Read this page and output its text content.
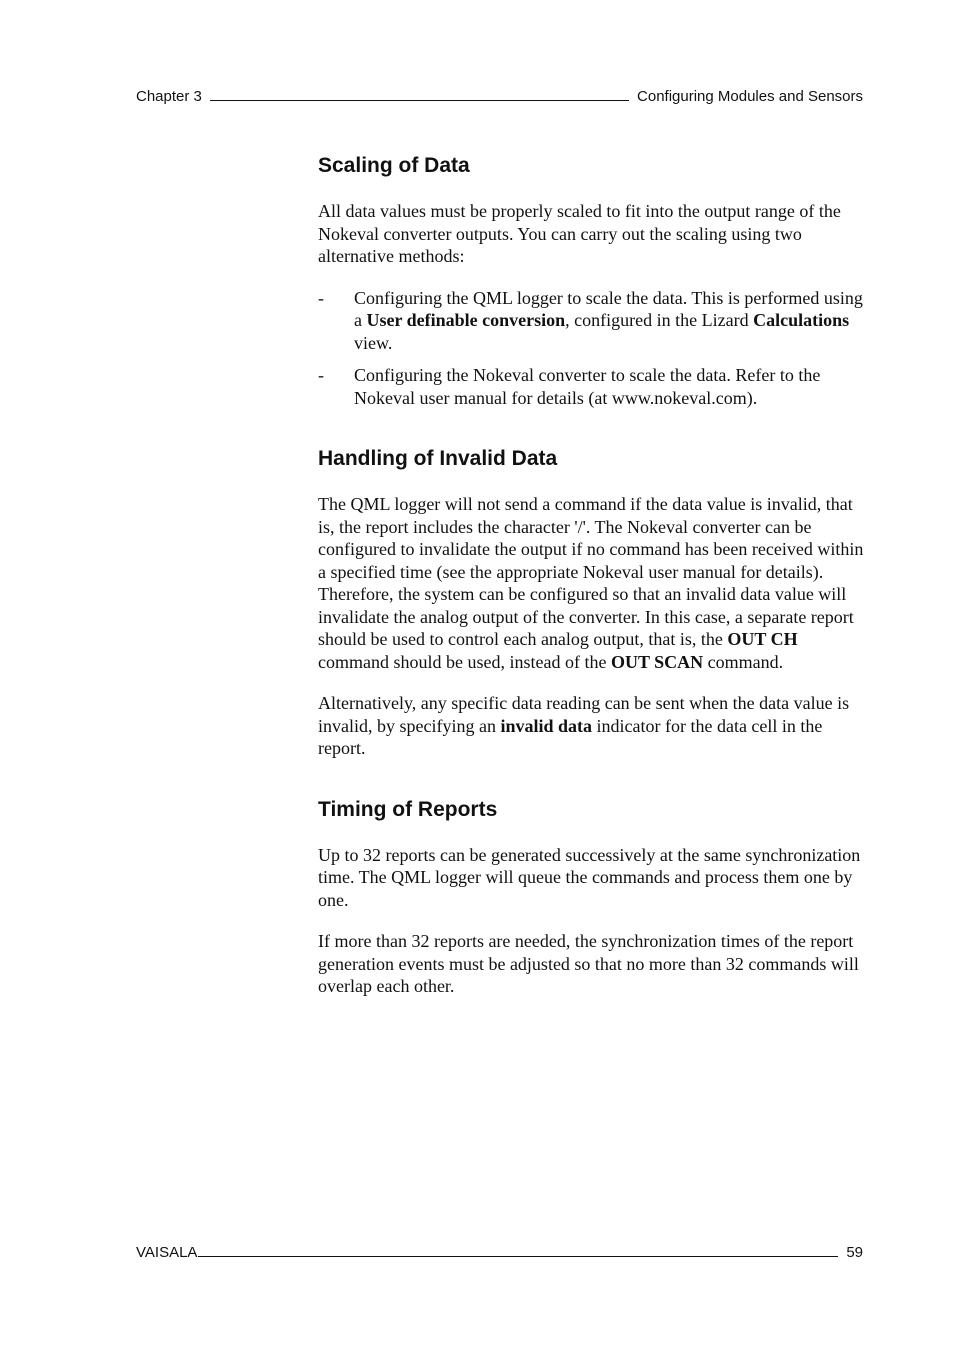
Chapter 3	Configuring Modules and Sensors
Scaling of Data

All data values must be properly scaled to fit into the output range of the Nokeval converter outputs. You can carry out the scaling using two alternative methods:

- Configuring the QML logger to scale the data. This is performed using a User definable conversion, configured in the Lizard Calculations view.
- Configuring the Nokeval converter to scale the data. Refer to the Nokeval user manual for details (at www.nokeval.com).
Handling of Invalid Data

The QML logger will not send a command if the data value is invalid, that is, the report includes the character '/'. The Nokeval converter can be configured to invalidate the output if no command has been received within a specified time (see the appropriate Nokeval user manual for details). Therefore, the system can be configured so that an invalid data value will invalidate the analog output of the converter. In this case, a separate report should be used to control each analog output, that is, the OUT CH command should be used, instead of the OUT SCAN command.

Alternatively, any specific data reading can be sent when the data value is invalid, by specifying an invalid data indicator for the data cell in the report.

Timing of Reports

Up to 32 reports can be generated successively at the same synchronization time. The QML logger will queue the commands and process them one by one.

If more than 32 reports are needed, the synchronization times of the report generation events must be adjusted so that no more than 32 commands will overlap each other.

VAISALA	59
